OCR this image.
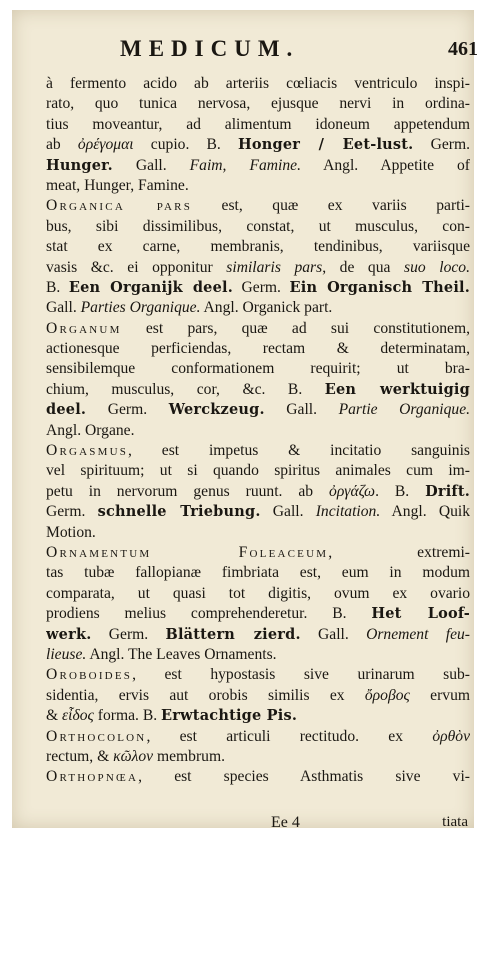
MEDICUM.	461
à fermento acido ab arteriis cœliacis ventriculo inspi-
rato, quo tunica nervosa, ejusque nervi in ordina-
tius moveantur, ad alimentum idoneum appetendum
ab ὀρέγομαι cupio. B. Honger / Eet-lust. Germ.
Hunger. Gall. Faim, Famine. Angl. Appetite of
meat, Hunger, Famine.
Organica pars est, quæ ex variis parti-
bus, sibi dissimilibus, constat, ut musculus, con-
stat ex carne, membranis, tendinibus, variisque
vasis &c. ei opponitur similaris pars, de qua suo loco.
B. Een Organijk deel. Germ. Ein Organisch Theil.
Gall. Parties Organique. Angl. Organick part.
Organum est pars, quæ ad sui constitutionem,
actionesque perficiendas, rectam & determinatam,
sensibilemque conformationem requirit; ut bra-
chium, musculus, cor, &c. B. Een werktuigig
deel. Germ. Werckzeug. Gall. Partie Organique.
Angl. Organe.
Orgasmus, est impetus & incitatio sanguinis
vel spirituum; ut si quando spiritus animales cum im-
petu in nervorum genus ruunt. ab ὀργάζω. B. Drift.
Germ. schnelle Triebung. Gall. Incitation. Angl. Quik
Motion.
Ornamentum Foleaceum, extremi-
tas tubæ fallopianæ fimbriata est, eum in modum
comparata, ut quasi tot digitis, ovum ex ovario
prodiens melius comprehenderetur. B. Het Loof-
werk. Germ. Blättern zierd. Gall. Ornement feu-
lieuse. Angl. The Leaves Ornaments.
Oroboides, est hypostasis sive urinarum sub-
sidentia, ervis aut orobis similis ex ὄροβος ervum
& εἶδος forma. B. Erwtachtige Pis.
Orthocolon, est articuli rectitudo. ex ὀρθὸν
rectum, & κῶλον membrum.
Orthopnœa, est species Asthmatis sive vi-
Ee 4	tiata
